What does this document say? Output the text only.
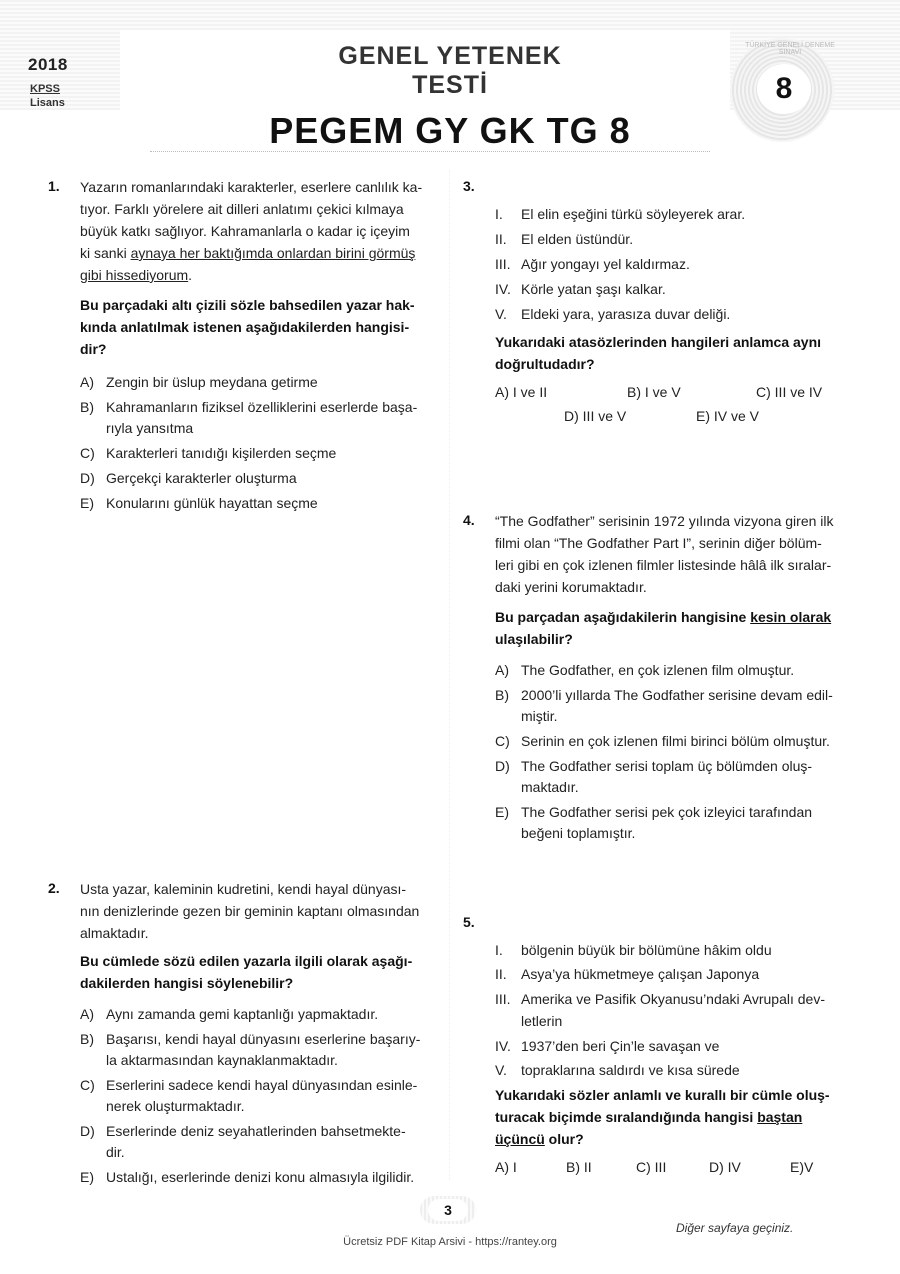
2018
KPSS
Lisans
GENEL YETENEK TESTİ
PEGEM GY GK TG 8
TÜRKİYE GENELİ DENEME SINAVI
8
1. Yazarın romanlarındaki karakterler, eserlere canlılık ka-
tıyor. Farklı yörelere ait dilleri anlatımı çekici kılmaya
büyük katkı sağlıyor. Kahramanlarla o kadar iç içeyim
ki sanki aynaya her baktığımda onlardan birini görmüş
gibi hissediyorum.
Bu parçadaki altı çizili sözle bahsedilen yazar hak-
kında anlatılmak istenen aşağıdakilerden hangisi-
dir?
A) Zengin bir üslup meydana getirme
B) Kahramanların fiziksel özelliklerini eserlerde başa-
rıyla yansıtma
C) Karakterleri tanıdığı kişilerden seçme
D) Gerçekçi karakterler oluşturma
E) Konularını günlük hayattan seçme
2. Usta yazar, kaleminin kudretini, kendi hayal dünyası-
nın denizlerinde gezen bir geminin kaptanı olmasından
almaktadır.
Bu cümlede sözü edilen yazarla ilgili olarak aşağı-
dakilerden hangisi söylenebilir?
A) Aynı zamanda gemi kaptanlığı yapmaktadır.
B) Başarısı, kendi hayal dünyasını eserlerine başarıy-
la aktarmasından kaynaklanmaktadır.
C) Eserlerini sadece kendi hayal dünyasından esinle-
nerek oluşturmaktadır.
D) Eserlerinde deniz seyahatlerinden bahsetmekte-
dir.
E) Ustalığı, eserlerinde denizi konu almasıyla ilgilidir.
3.
I.	El elin eşeğini türkü söyleyerek arar.
II.	El elden üstündür.
III. Ağır yongayı yel kaldırmaz.
IV. Körle yatan şaşı kalkar.
V.	Eldeki yara, yarasıza duvar deliği.
Yukarıdaki atasözlerinden hangileri anlamca aynı
doğrultudadır?
A) I ve II	B) I ve V	C) III ve IV
D) III ve V	E) IV ve V
4. “The Godfather” serisinin 1972 yılında vizyona giren ilk
filmi olan “The Godfather Part I”, serinin diğer bölüm-
leri gibi en çok izlenen filmler listesinde hâlâ ilk sıralar-
daki yerini korumaktadır.
Bu parçadan aşağıdakilerin hangisine kesin olarak
ulaşılabilir?
A) The Godfather, en çok izlenen film olmuştur.
B) 2000’li yıllarda The Godfather serisine devam edil-
miştir.
C) Serinin en çok izlenen filmi birinci bölüm olmuştur.
D) The Godfather serisi toplam üç bölümden oluş-
maktadır.
E) The Godfather serisi pek çok izleyici tarafından
beğeni toplamıştır.
5.
I.	bölgenin büyük bir bölümüne hâkim oldu
II.	Asya’ya hükmetmeye çalışan Japonya
III. Amerika ve Pasifik Okyanusu’ndaki Avrupalı dev-
letlerin
IV. 1937’den beri Çin’le savaşan ve
V.	topraklarına saldırdı ve kısa sürede
Yukarıdaki sözler anlamlı ve kurallı bir cümle oluş-
turacak biçimde sıralandığında hangisi baştan
üçüncü olur?
A) I	B) II	C) III	D) IV	E)V
3
Diğer sayfaya geçiniz.
Ücretsiz PDF Kitap Arsivi - https://rantey.org
